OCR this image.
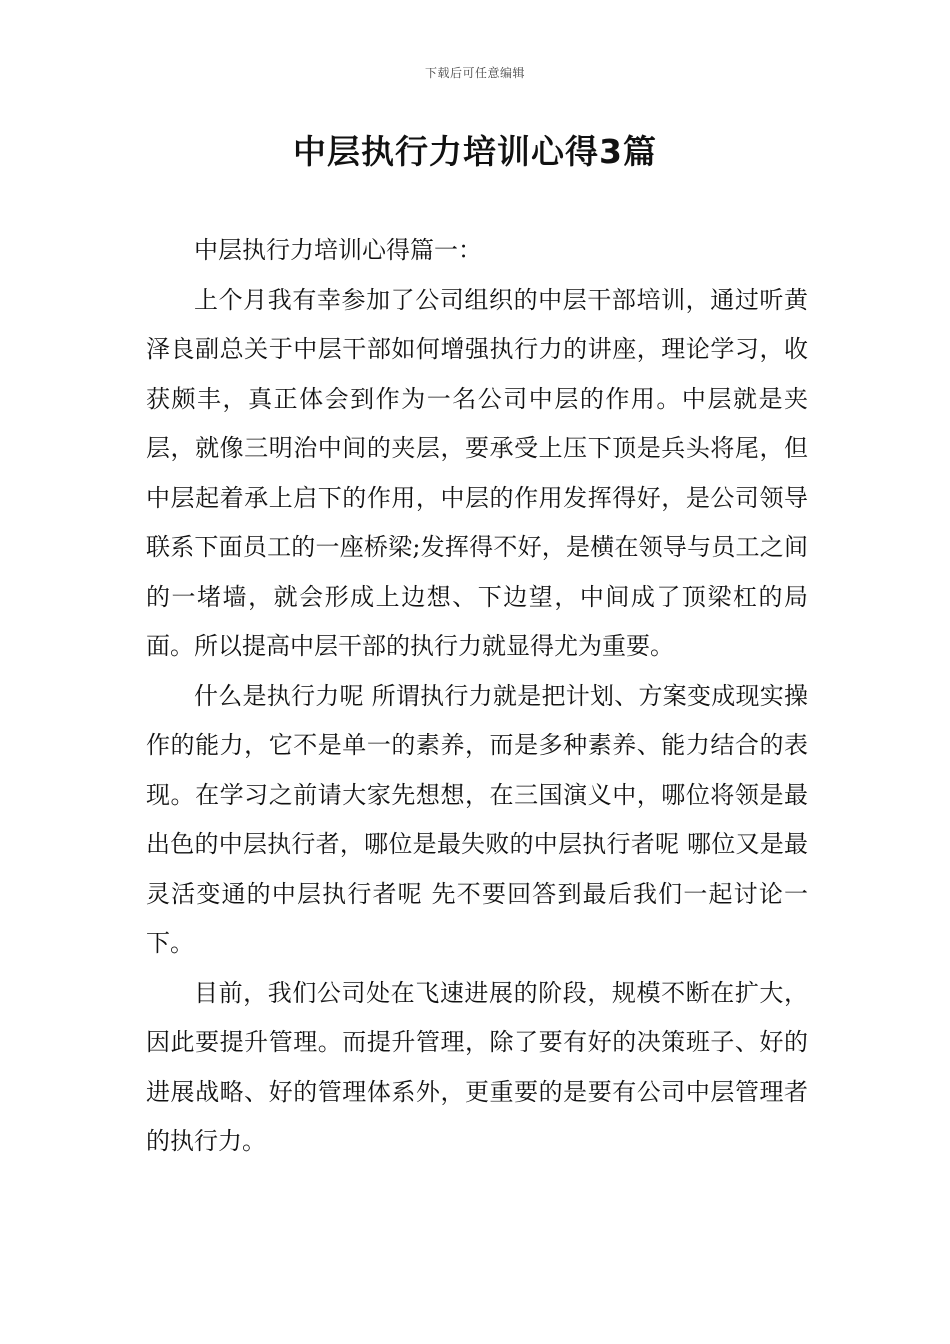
下载后可任意编辑
中层执行力培训心得3篇

中层执行力培训心得篇一：

上个月我有幸参加了公司组织的中层干部培训，通过听黄泽良副总关于中层干部如何增强执行力的讲座，理论学习，收获颇丰，真正体会到作为一名公司中层的作用。中层就是夹层，就像三明治中间的夹层，要承受上压下顶是兵头将尾，但中层起着承上启下的作用，中层的作用发挥得好，是公司领导联系下面员工的一座桥梁;发挥得不好，是横在领导与员工之间的一堵墙，就会形成上边想、下边望，中间成了顶梁杠的局面。所以提高中层干部的执行力就显得尤为重要。

什么是执行力呢 所谓执行力就是把计划、方案变成现实操作的能力，它不是单一的素养，而是多种素养、能力结合的表现。在学习之前请大家先想想，在三国演义中，哪位将领是最出色的中层执行者，哪位是最失败的中层执行者呢 哪位又是最灵活变通的中层执行者呢 先不要回答到最后我们一起讨论一下。

目前，我们公司处在飞速进展的阶段，规模不断在扩大，因此要提升管理。而提升管理，除了要有好的决策班子、好的进展战略、好的管理体系外，更重要的是要有公司中层管理者的执行力。
